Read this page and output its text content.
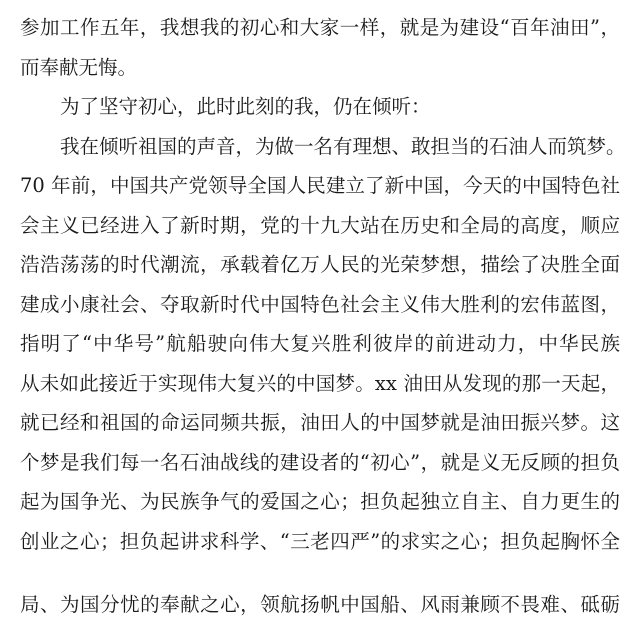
参加工作五年，我想我的初心和大家一样，就是为建设“百年油田”，
而奉献无悔。
为了坚守初心，此时此刻的我，仍在倾听：
我在倾听祖国的声音，为做一名有理想、敢担当的石油人而筑梦。
70 年前，中国共产党领导全国人民建立了新中国，今天的中国特色社
会主义已经进入了新时期，党的十九大站在历史和全局的高度，顺应
浩浩荡荡的时代潮流，承载着亿万人民的光荣梦想，描绘了决胜全面
建成小康社会、夺取新时代中国特色社会主义伟大胜利的宏伟蓝图，
指明了“中华号”航船驶向伟大复兴胜利彼岸的前进动力，中华民族
从未如此接近于实现伟大复兴的中国梦。xx 油田从发现的那一天起，
就已经和祖国的命运同频共振，油田人的中国梦就是油田振兴梦。这
个梦是我们每一名石油战线的建设者的“初心”，就是义无反顾的担负
起为国争光、为民族争气的爱国之心；担负起独立自主、自力更生的
创业之心；担负起讲求科学、“三老四严”的求实之心；担负起胸怀全
局、为国分忧的奉献之心，领航扬帆中国船、风雨兼顾不畏难、砥砺
